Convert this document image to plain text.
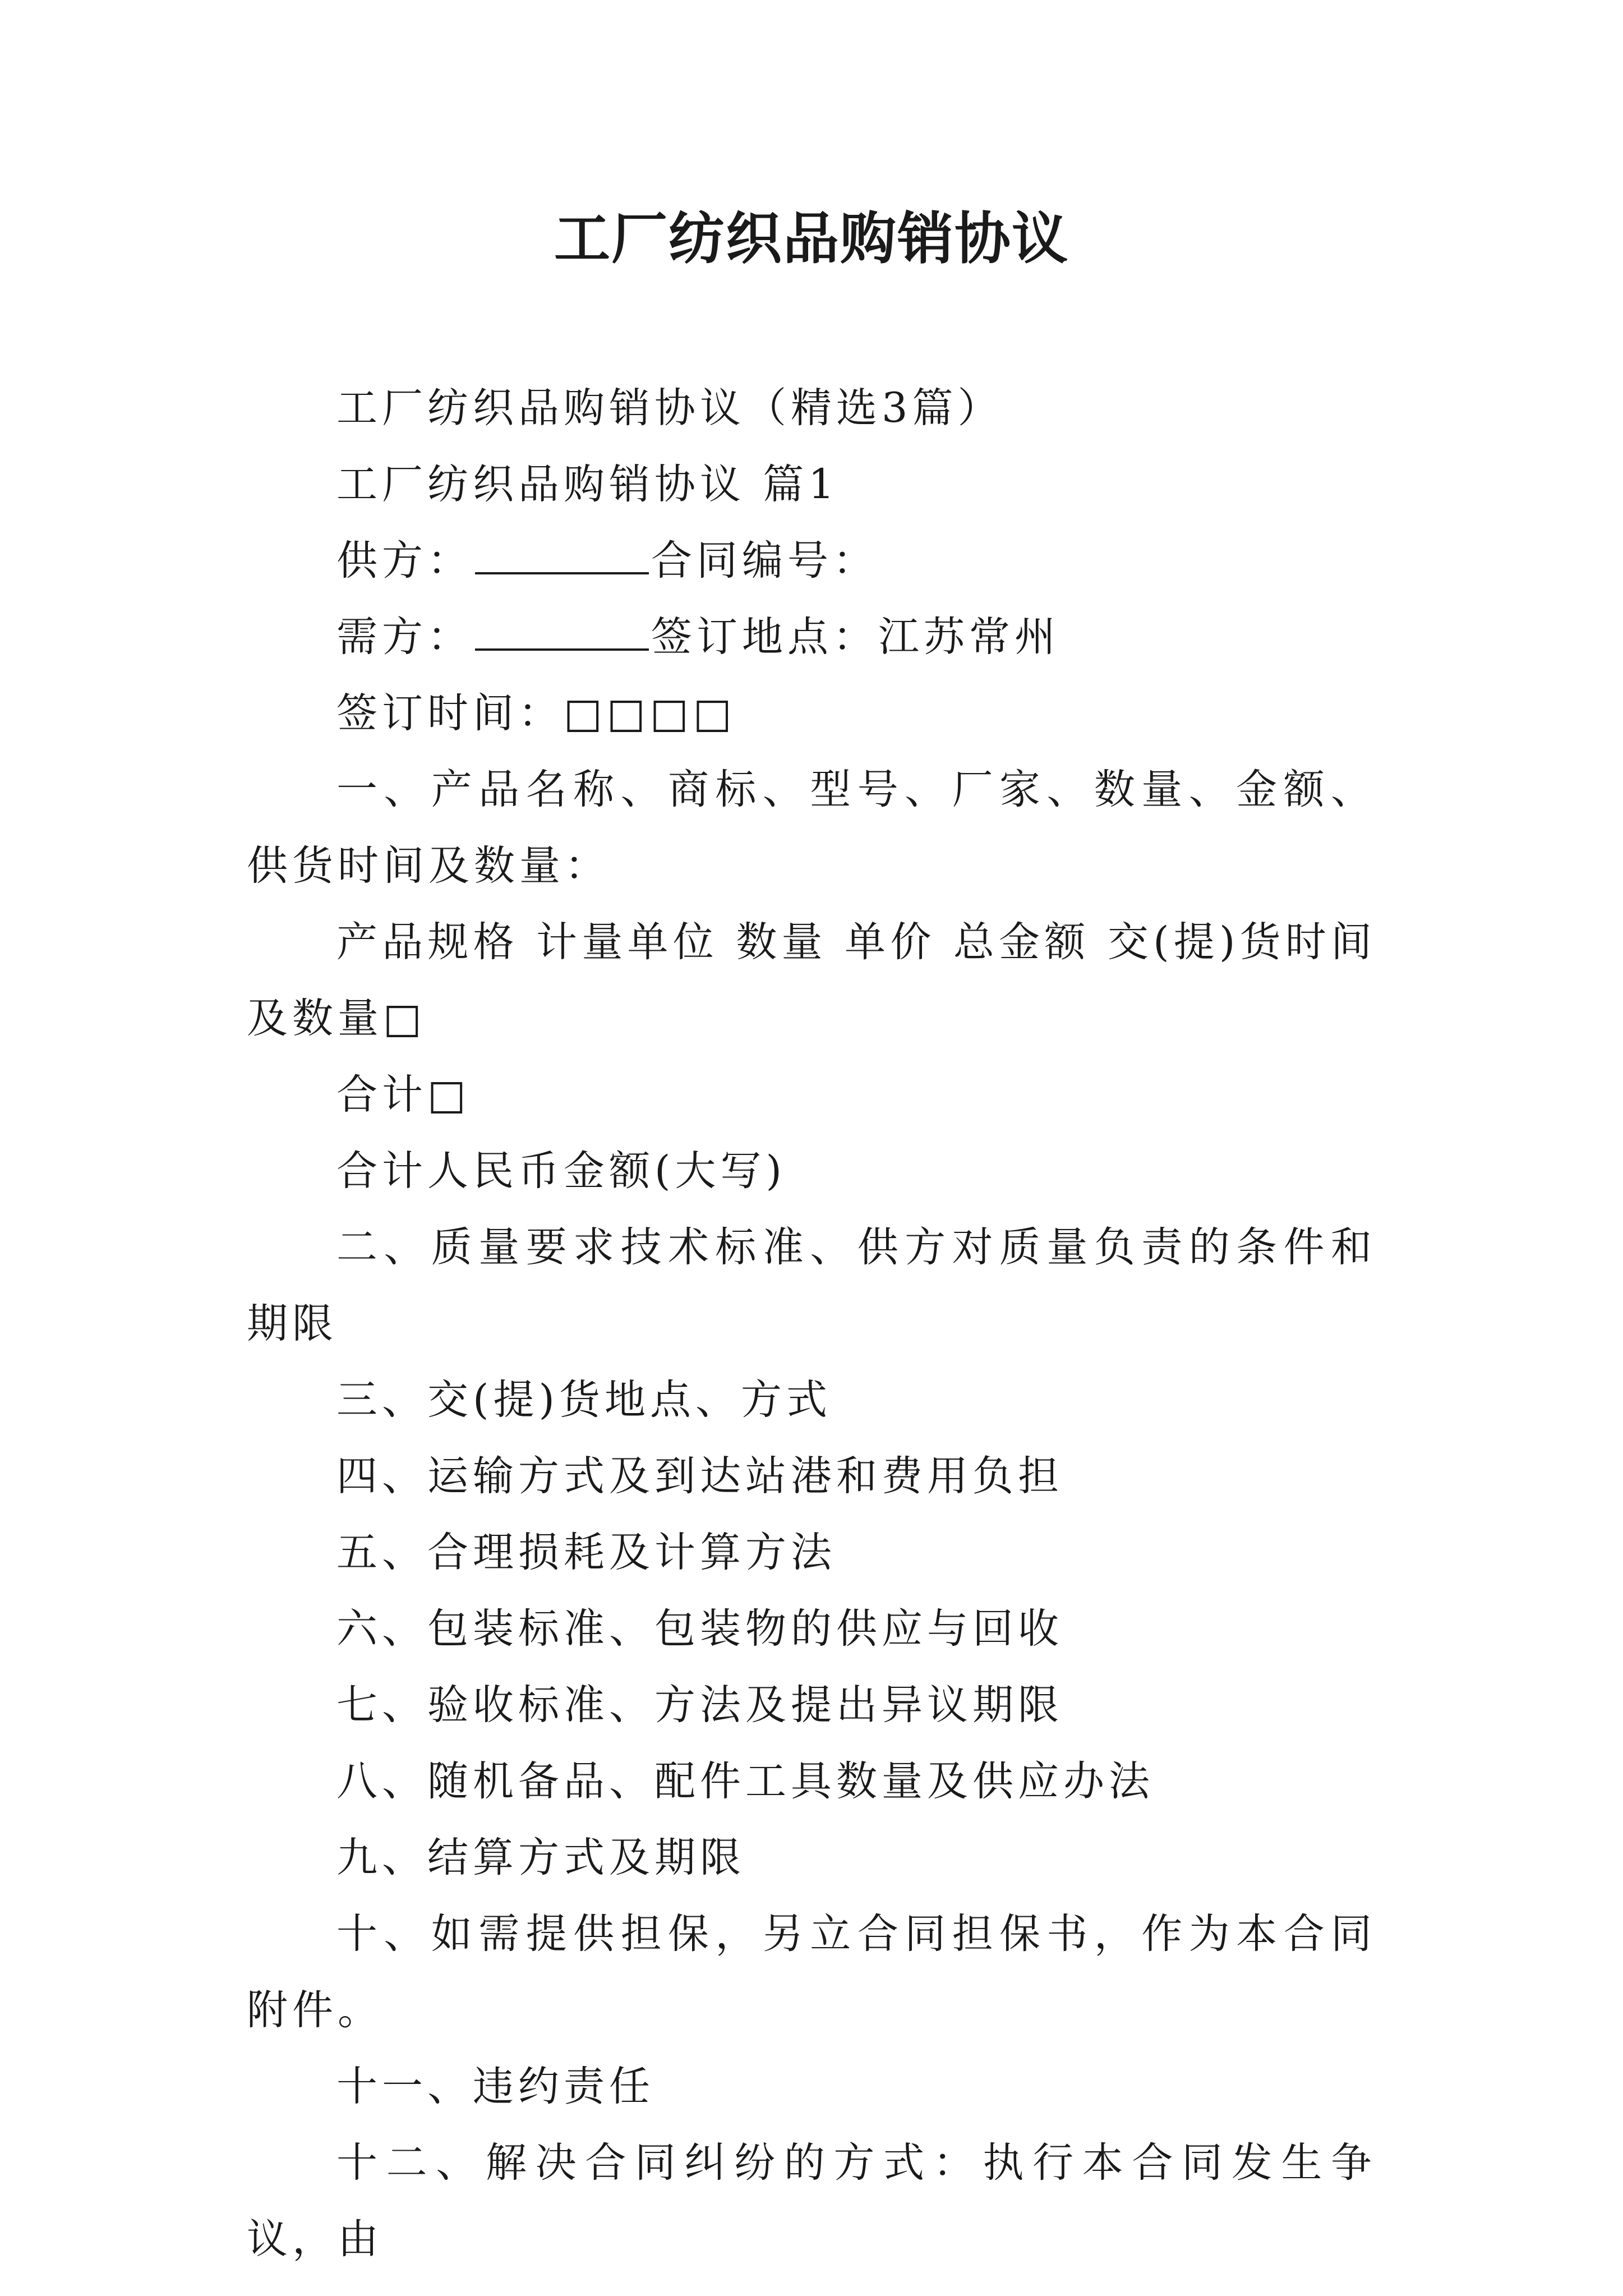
工厂纺织品购销协议

工厂纺织品购销协议（精选3篇）

工厂纺织品购销协议 篇1

供方：	合同编号：

需方：	签订地点：江苏常州

签订时间：□□□□

一、产品名称、商标、型号、厂家、数量、金额、供货时间及数量：

产品规格 计量单位 数量 单价 总金额 交(提)货时间及数量□

合计□

合计人民币金额(大写)

二、质量要求技术标准、供方对质量负责的条件和期限

三、交(提)货地点、方式

四、运输方式及到达站港和费用负担

五、合理损耗及计算方法

六、包装标准、包装物的供应与回收

七、验收标准、方法及提出异议期限

八、随机备品、配件工具数量及供应办法

九、结算方式及期限

十、如需提供担保，另立合同担保书，作为本合同附件。

十一、违约责任

十二、解决合同纠纷的方式：执行本合同发生争议，由
